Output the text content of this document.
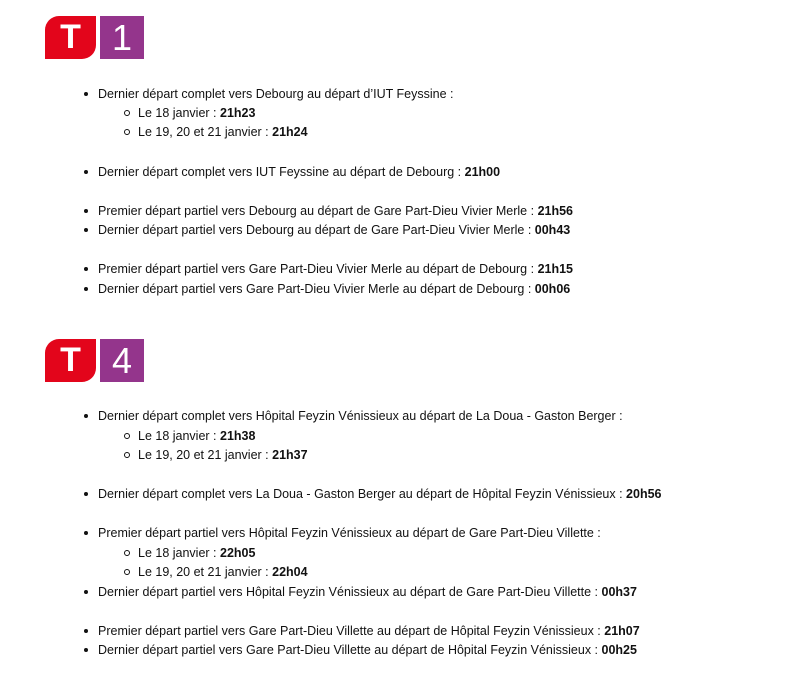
T 1
Dernier départ complet vers Debourg au départ d’IUT Feyssine :
Le 18 janvier : 21h23
Le 19, 20 et 21 janvier : 21h24
Dernier départ complet vers IUT Feyssine au départ de Debourg : 21h00
Premier départ partiel vers Debourg au départ de Gare Part-Dieu Vivier Merle : 21h56
Dernier départ partiel vers Debourg au départ de Gare Part-Dieu Vivier Merle : 00h43
Premier départ partiel vers Gare Part-Dieu Vivier Merle au départ de Debourg : 21h15
Dernier départ partiel vers Gare Part-Dieu Vivier Merle au départ de Debourg : 00h06
T 4
Dernier départ complet vers Hôpital Feyzin Vénissieux au départ de La Doua - Gaston Berger :
Le 18 janvier : 21h38
Le 19, 20 et 21 janvier : 21h37
Dernier départ complet vers La Doua - Gaston Berger au départ de Hôpital Feyzin Vénissieux : 20h56
Premier départ partiel vers Hôpital Feyzin Vénissieux au départ de Gare Part-Dieu Villette :
Le 18 janvier : 22h05
Le 19, 20 et 21 janvier : 22h04
Dernier départ partiel vers Hôpital Feyzin Vénissieux au départ de Gare Part-Dieu Villette : 00h37
Premier départ partiel vers Gare Part-Dieu Villette au départ de Hôpital Feyzin Vénissieux : 21h07
Dernier départ partiel vers Gare Part-Dieu Villette au départ de Hôpital Feyzin Vénissieux : 00h25
